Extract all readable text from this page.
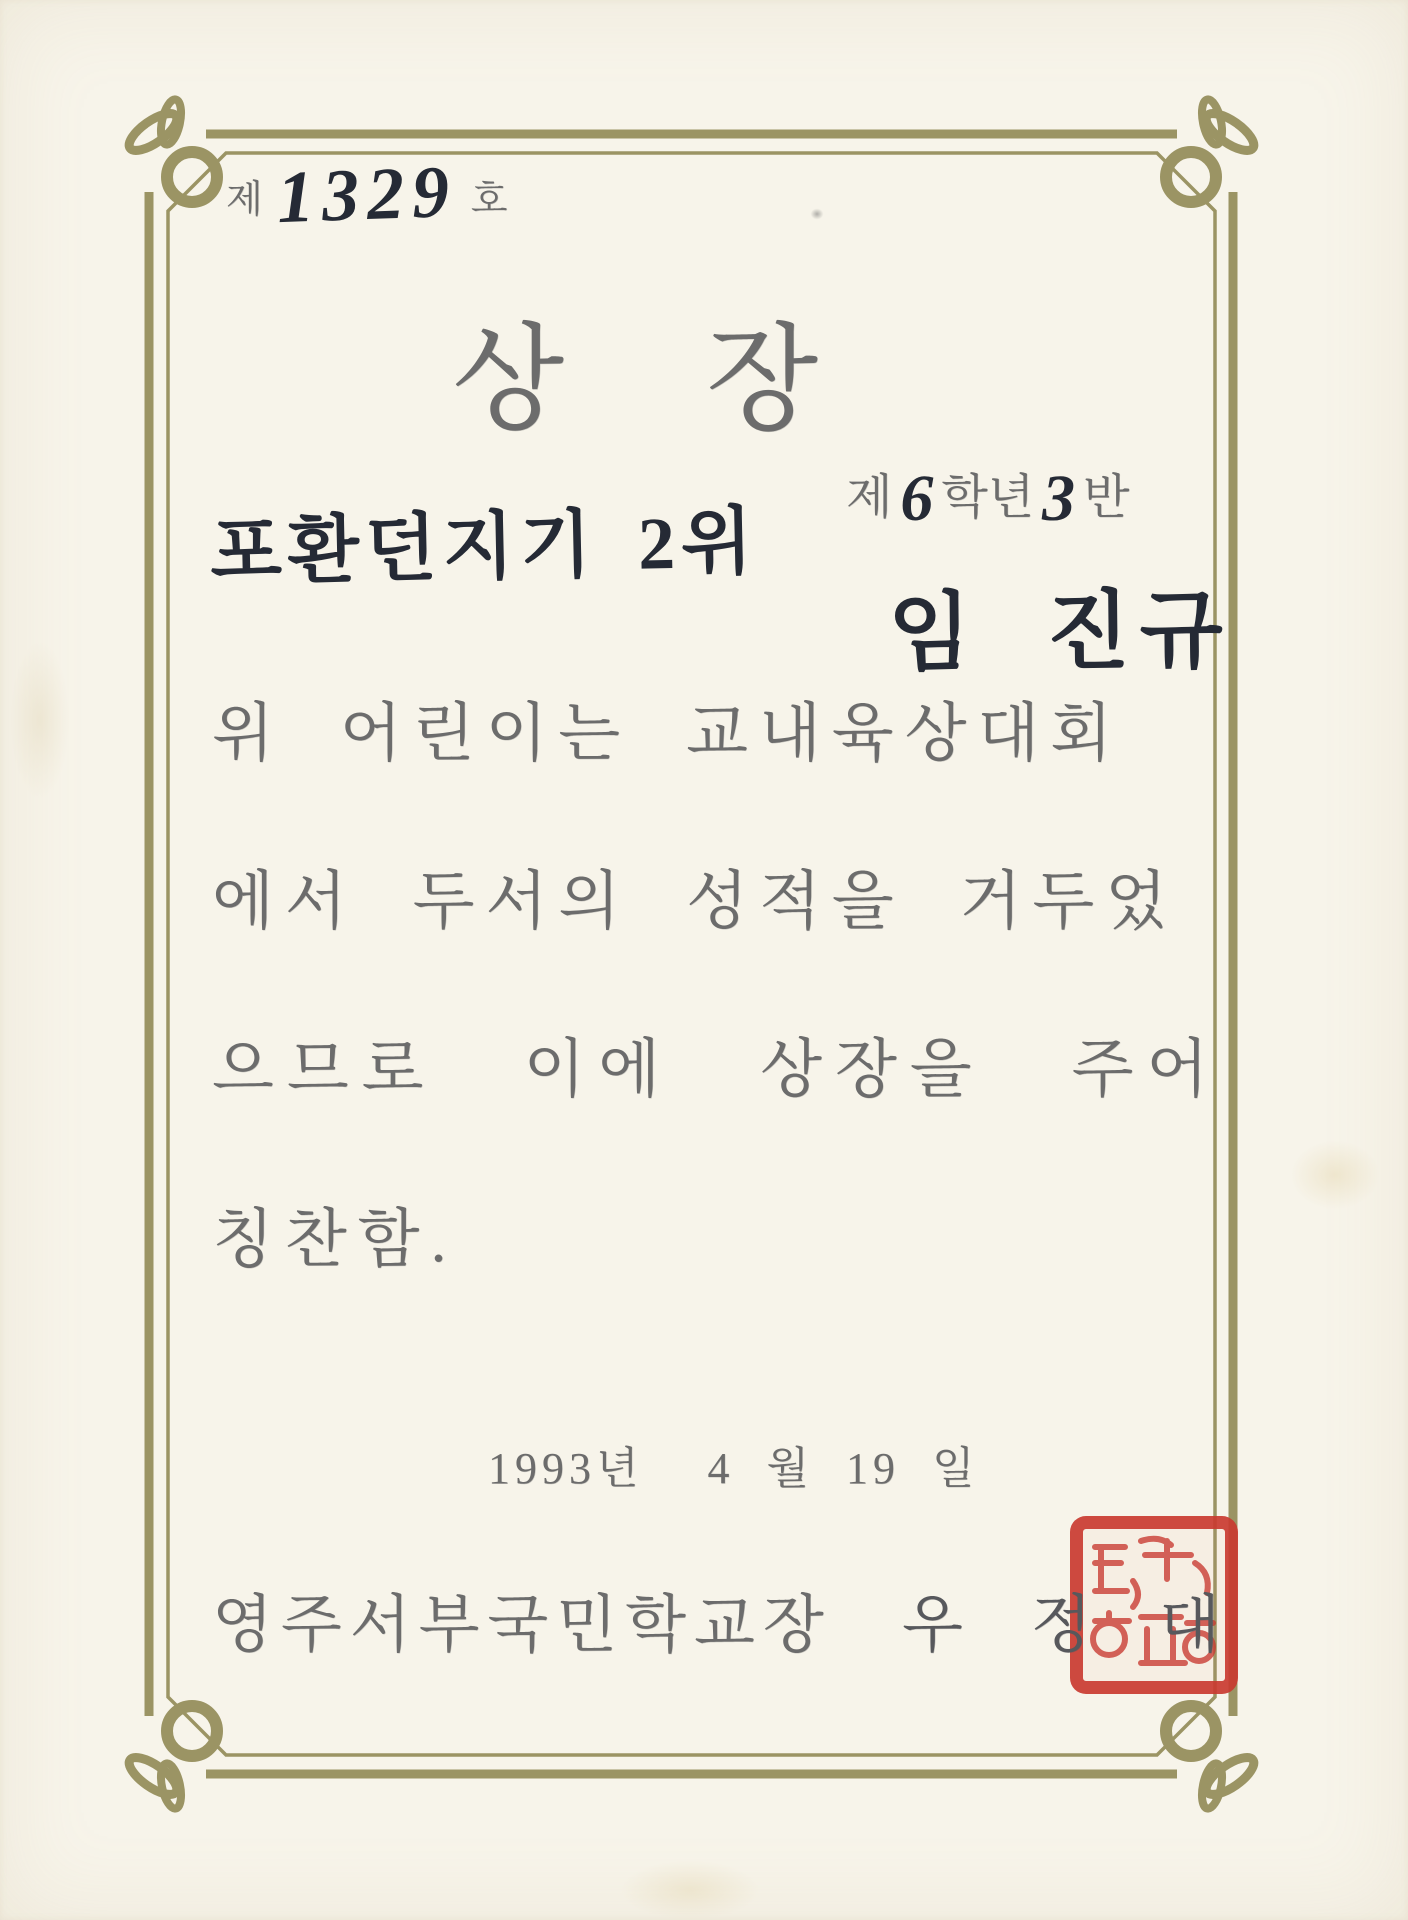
제 1329 호
상장
포환던지기 2위
제 6 학년 3 반
임 진규
위 어린이는 교내육상대회
에서 두서의 성적을 거두었
으므로 이에 상장을 주어
칭찬함.
1993년    4  월  19  일
영주서부국민학교장 우 정 대
